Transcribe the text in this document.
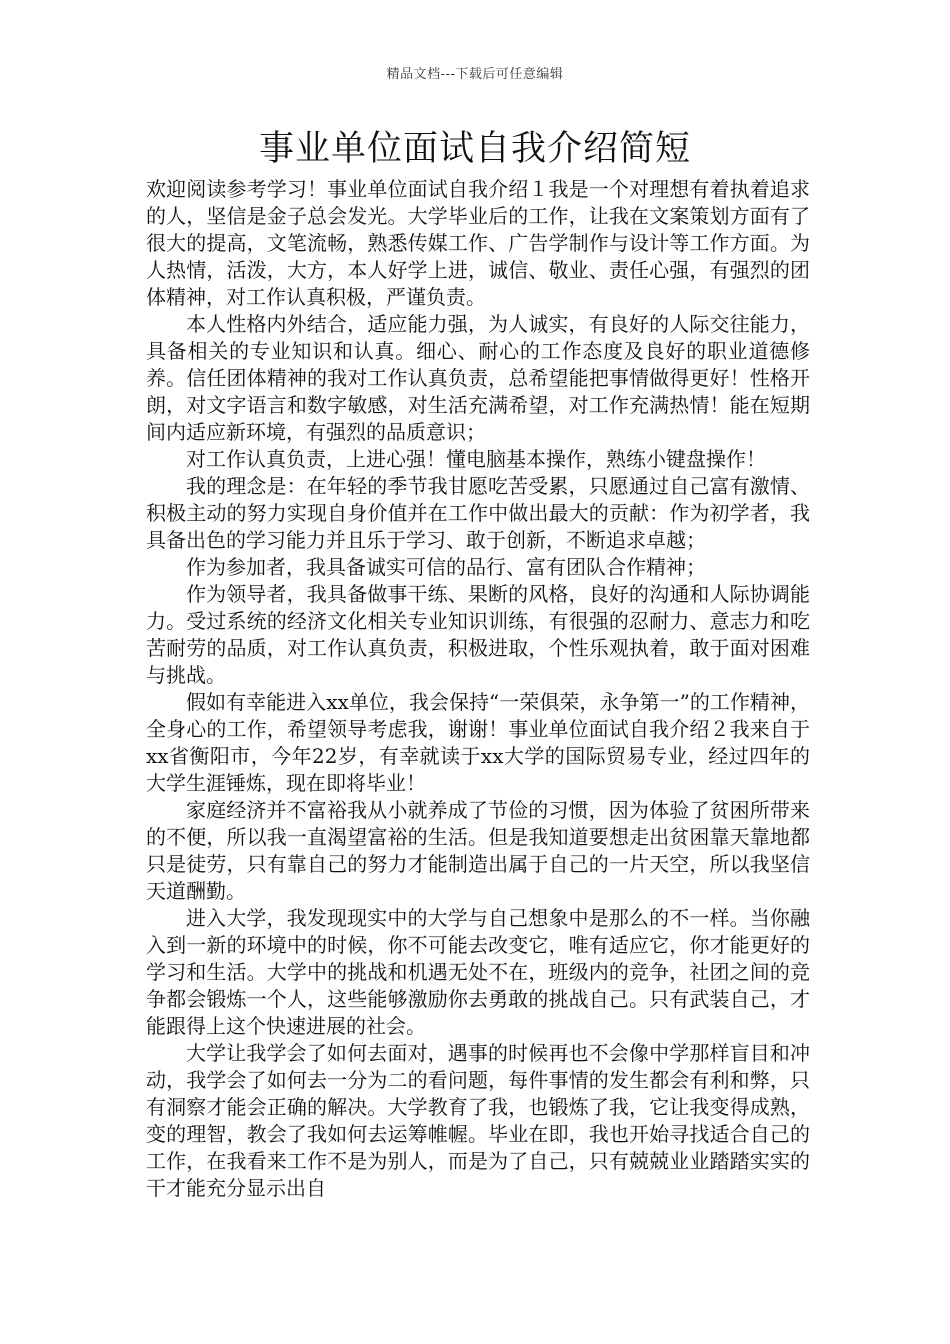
精品文档---下载后可任意编辑
事业单位面试自我介绍简短

欢迎阅读参考学习！事业单位面试自我介绍１我是一个对理想有着执着追求的人，坚信是金子总会发光。大学毕业后的工作，让我在文案策划方面有了很大的提高，文笔流畅，熟悉传媒工作、广告学制作与设计等工作方面。为人热情，活泼，大方，本人好学上进，诚信、敬业、责任心强，有强烈的团体精神，对工作认真积极，严谨负责。

本人性格内外结合，适应能力强，为人诚实，有良好的人际交往能力，具备相关的专业知识和认真。细心、耐心的工作态度及良好的职业道德修养。信任团体精神的我对工作认真负责，总希望能把事情做得更好！性格开朗，对文字语言和数字敏感，对生活充满希望，对工作充满热情！能在短期间内适应新环境，有强烈的品质意识；

对工作认真负责，上进心强！懂电脑基本操作，熟练小键盘操作！

我的理念是：在年轻的季节我甘愿吃苦受累，只愿通过自己富有激情、积极主动的努力实现自身价值并在工作中做出最大的贡献：作为初学者，我具备出色的学习能力并且乐于学习、敢于创新，不断追求卓越；

作为参加者，我具备诚实可信的品行、富有团队合作精神；

作为领导者，我具备做事干练、果断的风格，良好的沟通和人际协调能力。受过系统的经济文化相关专业知识训练，有很强的忍耐力、意志力和吃苦耐劳的品质，对工作认真负责，积极进取，个性乐观执着，敢于面对困难与挑战。

假如有幸能进入xx单位，我会保持“一荣俱荣，永争第一”的工作精神，全身心的工作，希望领导考虑我，谢谢！事业单位面试自我介绍２我来自于xx省衡阳市，今年22岁，有幸就读于xx大学的国际贸易专业，经过四年的大学生涯锤炼，现在即将毕业！

家庭经济并不富裕我从小就养成了节俭的习惯，因为体验了贫困所带来的不便，所以我一直渴望富裕的生活。但是我知道要想走出贫困靠天靠地都只是徒劳，只有靠自己的努力才能制造出属于自己的一片天空，所以我坚信天道酬勤。

进入大学，我发现现实中的大学与自己想象中是那么的不一样。当你融入到一新的环境中的时候，你不可能去改变它，唯有适应它，你才能更好的学习和生活。大学中的挑战和机遇无处不在，班级内的竞争，社团之间的竞争都会锻炼一个人，这些能够激励你去勇敢的挑战自己。只有武装自己，才能跟得上这个快速进展的社会。

大学让我学会了如何去面对，遇事的时候再也不会像中学那样盲目和冲动，我学会了如何去一分为二的看问题，每件事情的发生都会有利和弊，只有洞察才能会正确的解决。大学教育了我，也锻炼了我，它让我变得成熟，变的理智，教会了我如何去运筹帷幄。毕业在即，我也开始寻找适合自己的工作，在我看来工作不是为别人，而是为了自己，只有兢兢业业踏踏实实的干才能充分显示出自
